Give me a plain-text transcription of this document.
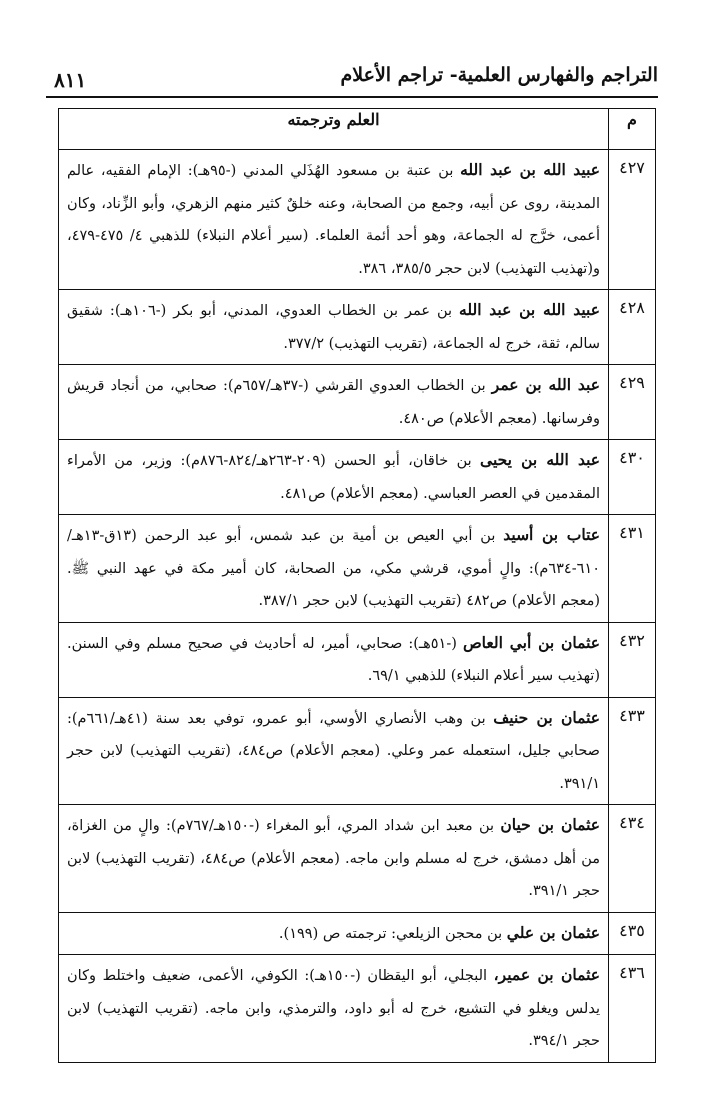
٨١١	التراجم والفهارس العلمية- تراجم الأعلام
م	العلم وترجمته
٤٢٧	عبيد الله بن عبد الله بن عتبة بن مسعود الهُذَلي المدني (-٩٥هـ): الإمام الفقيه، عالم المدينة، روى عن أبيه، وجمع من الصحابة، وعنه خلقٌ كثير منهم الزهري، وأبو الزِّناد، وكان أعمى، خرَّج له الجماعة، وهو أحد أئمة العلماء. (سير أعلام النبلاء) للذهبي ٤/ ٤٧٥-٤٧٩، و(تهذيب التهذيب) لابن حجر ٣٨٥/٥، ٣٨٦.
٤٢٨	عبيد الله بن عبد الله بن عمر بن الخطاب العدوي، المدني، أبو بكر (-١٠٦هـ): شقيق سالم، ثقة، خرج له الجماعة، (تقريب التهذيب) ٣٧٧/٢.
٤٢٩	عبد الله بن عمر بن الخطاب العدوي القرشي (-٣٧هـ/٦٥٧م): صحابي، من أنجاد قريش وفرسانها. (معجم الأعلام) ص٤٨٠.
٤٣٠	عبد الله بن يحيى بن خاقان، أبو الحسن (٢٠٩-٢٦٣هـ/٨٢٤-٨٧٦م): وزير، من الأمراء المقدمين في العصر العباسي. (معجم الأعلام) ص٤٨١.
٤٣١	عتاب بن أسيد بن أبي العيص بن أمية بن عبد شمس، أبو عبد الرحمن (١٣ق-١٣هـ/ ٦١٠-٦٣٤م): والٍ أموي، قرشي مكي، من الصحابة، كان أمير مكة في عهد النبي ﷺ. (معجم الأعلام) ص٤٨٢ (تقريب التهذيب) لابن حجر ٣٨٧/١.
٤٣٢	عثمان بن أبي العاص (-٥١هـ): صحابي، أمير، له أحاديث في صحيح مسلم وفي السنن. (تهذيب سير أعلام النبلاء) للذهبي ٦٩/١.
٤٣٣	عثمان بن حنيف بن وهب الأنصاري الأوسي، أبو عمرو، توفي بعد سنة (٤١هـ/٦٦١م): صحابي جليل، استعمله عمر وعلي. (معجم الأعلام) ص٤٨٤، (تقريب التهذيب) لابن حجر ٣٩١/١.
٤٣٤	عثمان بن حيان بن معبد ابن شداد المري، أبو المغراء (-١٥٠هـ/٧٦٧م): والٍ من الغزاة، من أهل دمشق، خرج له مسلم وابن ماجه. (معجم الأعلام) ص٤٨٤، (تقريب التهذيب) لابن حجر ٣٩١/١.
٤٣٥	عثمان بن علي بن محجن الزيلعي: ترجمته ص (١٩٩).
٤٣٦	عثمان بن عمير، البجلي، أبو اليقظان (-١٥٠هـ): الكوفي، الأعمى، ضعيف واختلط وكان يدلس ويغلو في التشيع، خرج له أبو داود، والترمذي، وابن ماجه. (تقريب التهذيب) لابن حجر ٣٩٤/١.
